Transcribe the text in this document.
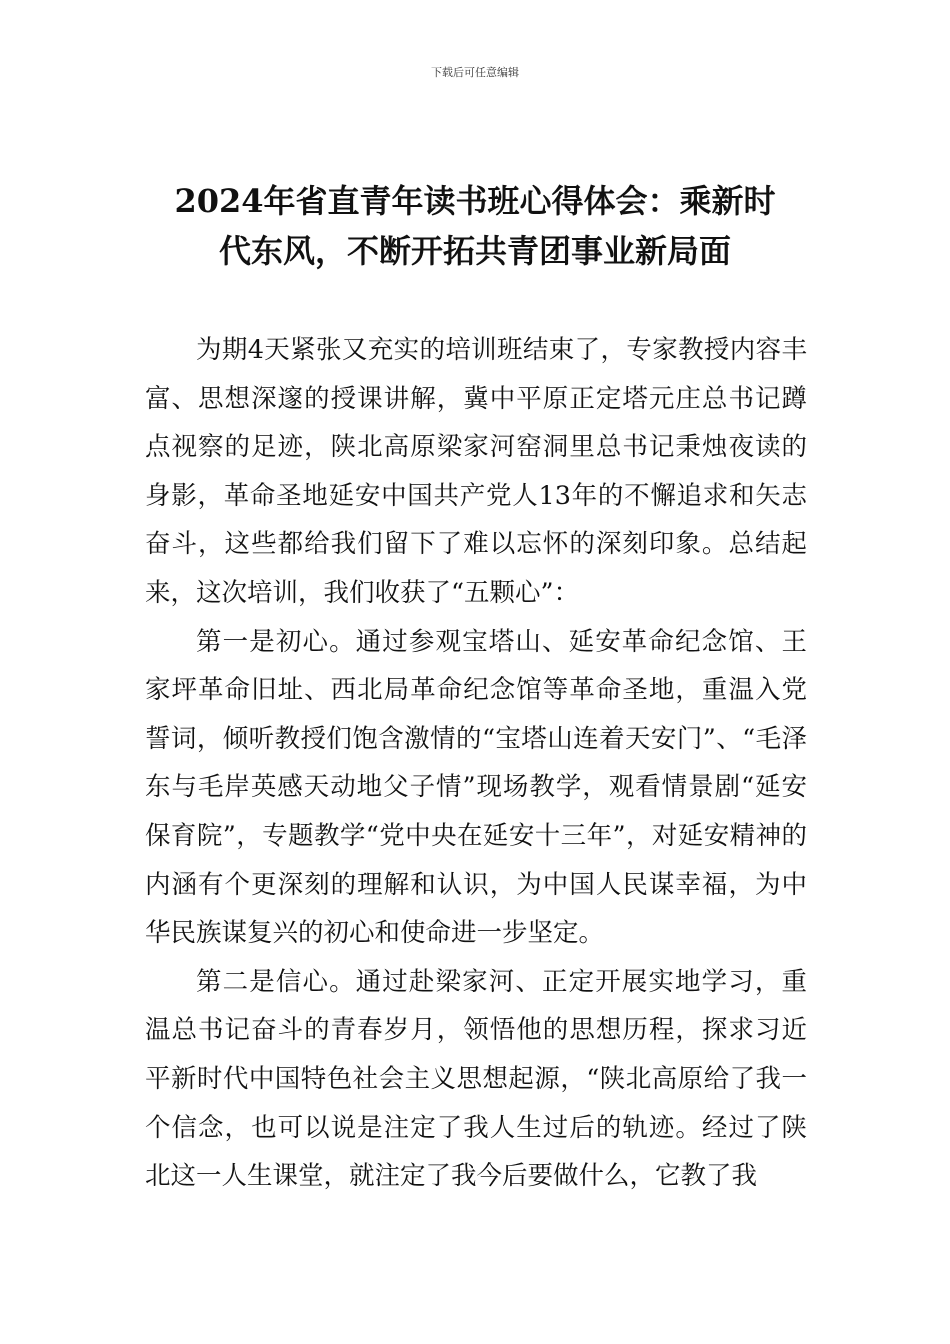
下载后可任意编辑
2024年省直青年读书班心得体会：乘新时
代东风，不断开拓共青团事业新局面

为期4天紧张又充实的培训班结束了，专家教授内容丰富、思想深邃的授课讲解，冀中平原正定塔元庄总书记蹲点视察的足迹，陕北高原梁家河窑洞里总书记秉烛夜读的身影，革命圣地延安中国共产党人13年的不懈追求和矢志奋斗，这些都给我们留下了难以忘怀的深刻印象。总结起来，这次培训，我们收获了“五颗心”：

第一是初心。通过参观宝塔山、延安革命纪念馆、王家坪革命旧址、西北局革命纪念馆等革命圣地，重温入党誓词，倾听教授们饱含激情的“宝塔山连着天安门”、“毛泽东与毛岸英感天动地父子情”现场教学，观看情景剧“延安保育院”，专题教学“党中央在延安十三年”，对延安精神的内涵有个更深刻的理解和认识，为中国人民谋幸福，为中华民族谋复兴的初心和使命进一步坚定。

第二是信心。通过赴梁家河、正定开展实地学习，重温总书记奋斗的青春岁月，领悟他的思想历程，探求习近平新时代中国特色社会主义思想起源，“陕北高原给了我一个信念，也可以说是注定了我人生过后的轨迹。经过了陕北这一人生课堂，就注定了我今后要做什么，它教了我
